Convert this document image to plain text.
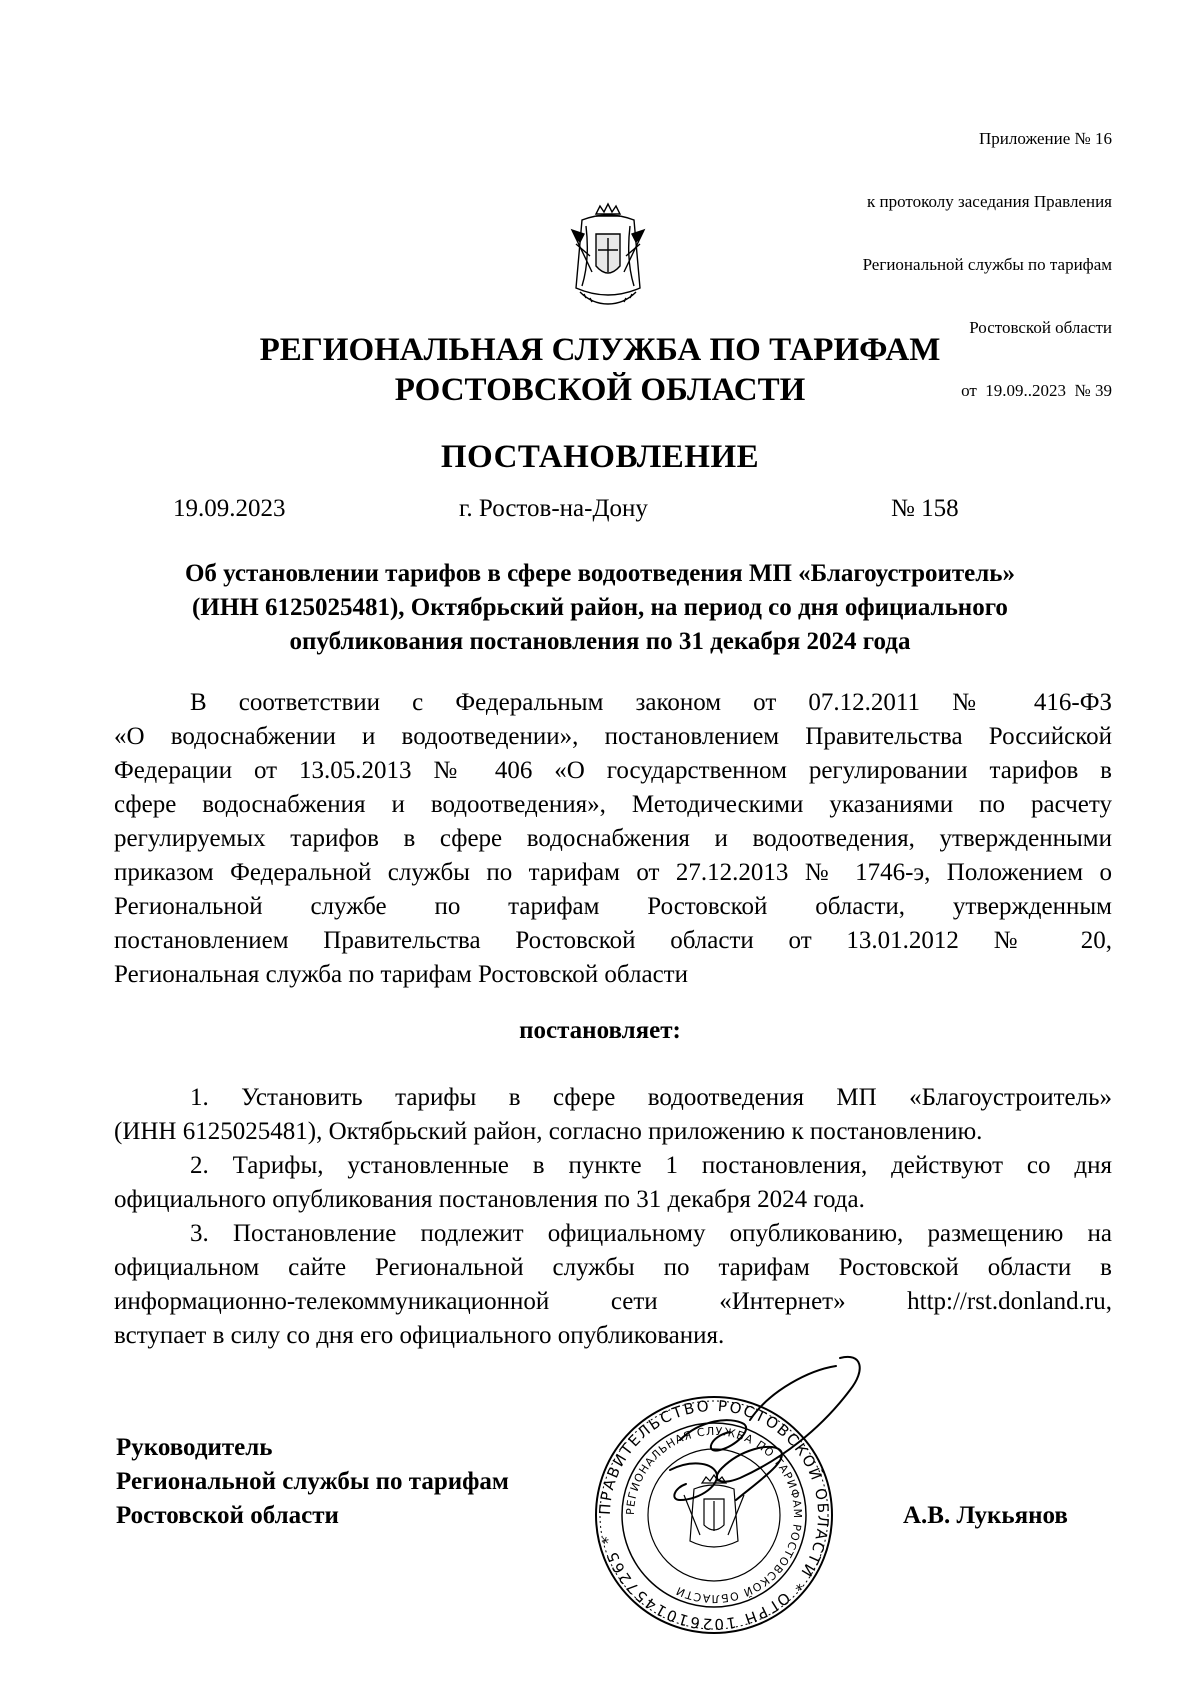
Приложение № 16

к протоколу заседания Правления

Региональной службы по тарифам

Ростовской области

от  19.09..2023  № 39

РЕГИОНАЛЬНАЯ СЛУЖБА ПО ТАРИФАМ
РОСТОВСКОЙ ОБЛАСТИ
ПОСТАНОВЛЕНИЕ
19.09.2023	г. Ростов-на-Дону	№ 158
Об установлении тарифов в сфере водоотведения МП «Благоустроитель»
(ИНН 6125025481), Октябрьский район, на период со дня официального
опубликования постановления по 31 декабря 2024 года
В соответствии с Федеральным законом от 07.12.2011 № 416-ФЗ
«О водоснабжении и водоотведении», постановлением Правительства Российской
Федерации от 13.05.2013 № 406 «О государственном регулировании тарифов в
сфере водоснабжения и водоотведения», Методическими указаниями по расчету
регулируемых тарифов в сфере водоснабжения и водоотведения, утвержденными
приказом Федеральной службы по тарифам от 27.12.2013 № 1746-э, Положением о
Региональной службе по тарифам Ростовской области, утвержденным
постановлением Правительства Ростовской области от 13.01.2012 № 20,
Региональная служба по тарифам Ростовской области
постановляет:
1. Установить тарифы в сфере водоотведения МП «Благоустроитель»
(ИНН 6125025481), Октябрьский район, согласно приложению к постановлению.
2. Тарифы, установленные в пункте 1 постановления, действуют со дня
официального опубликования постановления по 31 декабря 2024 года.
3. Постановление подлежит официальному опубликованию, размещению на
официальном сайте Региональной службы по тарифам Ростовской области в
информационно-телекоммуникационной сети «Интернет» http://rst.donland.ru,
вступает в силу со дня его официального опубликования.
Руководитель
Региональной службы по тарифам
Ростовской области	ПРАВИТЕЛЬСТВО РОСТОВСКОЙ ОБЛАСТИ * ОГРН 1026101457265 *
РЕГИОНАЛЬНАЯ СЛУЖБА ПО ТАРИФАМ РОСТОВСКОЙ ОБЛАСТИ
А.В. Лукьянов
